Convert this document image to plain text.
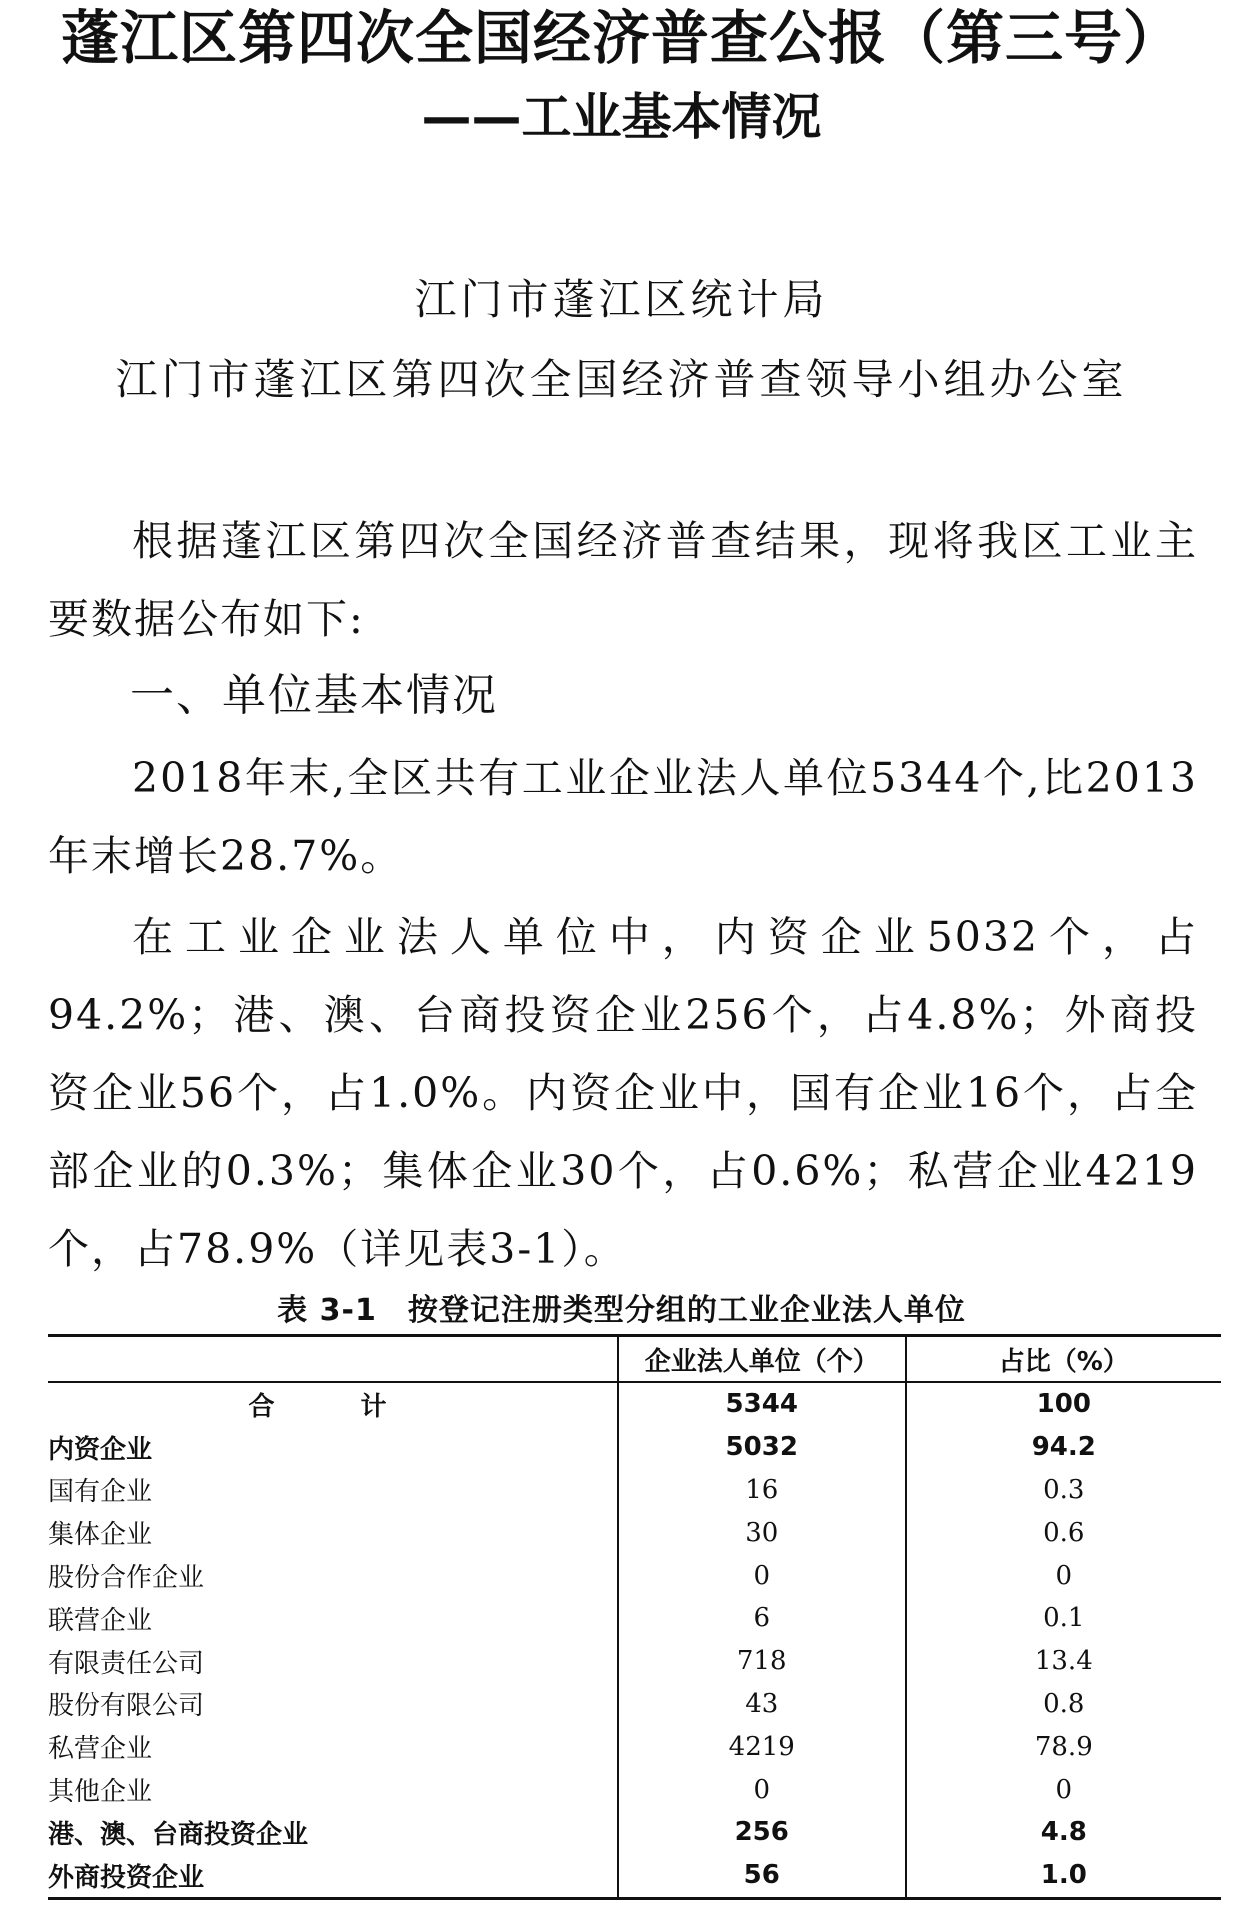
蓬江区第四次全国经济普查公报（第三号）
——工业基本情况
江门市蓬江区统计局
江门市蓬江区第四次全国经济普查领导小组办公室
根据蓬江区第四次全国经济普查结果，现将我区工业主要数据公布如下:
一、单位基本情况
2018年末,全区共有工业企业法人单位5344个,比2013年末增长28.7%。
在工业企业法人单位中，内资企业5032个，占94.2%；港、澳、台商投资企业256个，占4.8%；外商投资企业56个，占1.0%。内资企业中，国有企业16个，占全部企业的0.3%；集体企业30个，占0.6%；私营企业4219个，占78.9%（详见表3-1）。
表 3-1　按登记注册类型分组的工业企业法人单位
	企业法人单位（个）	占比（%）
合　计	5344	100
内资企业	5032	94.2
国有企业	16	0.3
集体企业	30	0.6
股份合作企业	0	0
联营企业	6	0.1
有限责任公司	718	13.4
股份有限公司	43	0.8
私营企业	4219	78.9
其他企业	0	0
港、澳、台商投资企业	256	4.8
外商投资企业	56	1.0
